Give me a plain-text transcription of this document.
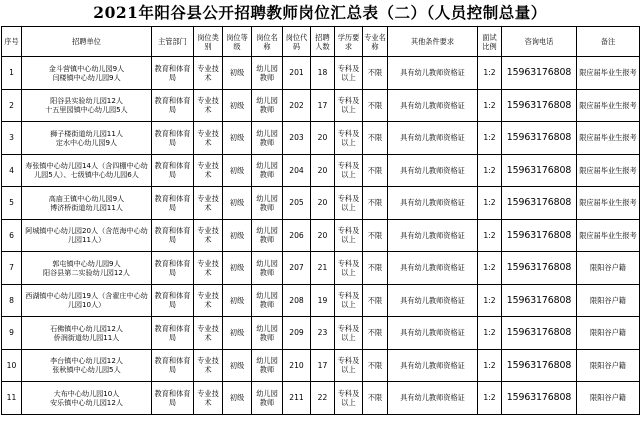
2021年阳谷县公开招聘教师岗位汇总表（二）（人员控制总量）
序号	招聘单位	主管部门	岗位类别	岗位等级	岗位名称	岗位代码	招聘人数	学历要求	专业名称	其他条件要求	面试比例	咨询电话	备注
1	金斗营镇中心幼儿园9人
闫楼镇中心幼儿园9人	教育和体育局	专业技术	初级	幼儿园教师	201	18	专科及以上	不限	具有幼儿教师资格证	1:2	15963176808	限应届毕业生报考
2	阳谷县实验幼儿园12人
十五里园镇中心幼儿园5人	教育和体育局	专业技术	初级	幼儿园教师	202	17	专科及以上	不限	具有幼儿教师资格证	1:2	15963176808	限应届毕业生报考
3	狮子楼街道幼儿园11人
定水中心幼儿园9人	教育和体育局	专业技术	初级	幼儿园教师	203	20	专科及以上	不限	具有幼儿教师资格证	1:2	15963176808	限应届毕业生报考
4	寿张镇中心幼儿园14人（含四棚中心幼儿园5人）、七级镇中心幼儿园6人	教育和体育局	专业技术	初级	幼儿园教师	204	20	专科及以上	不限	具有幼儿教师资格证	1:2	15963176808	限应届毕业生报考
5	高庙王镇中心幼儿园9人
博济桥街道幼儿园11人	教育和体育局	专业技术	初级	幼儿园教师	205	20	专科及以上	不限	具有幼儿教师资格证	1:2	15963176808	限应届毕业生报考
6	阿城镇中心幼儿园20人（含范海中心幼儿园11人）	教育和体育局	专业技术	初级	幼儿园教师	206	20	专科及以上	不限	具有幼儿教师资格证	1:2	15963176808	限应届毕业生报考
7	郭屯镇中心幼儿园9人
阳谷县第二实验幼儿园12人	教育和体育局	专业技术	初级	幼儿园教师	207	21	专科及以上	不限	具有幼儿教师资格证	1:2	15963176808	限阳谷户籍
8	西湖镇中心幼儿园19人（含翟庄中心幼儿园10人）	教育和体育局	专业技术	初级	幼儿园教师	208	19	专科及以上	不限	具有幼儿教师资格证	1:2	15963176808	限阳谷户籍
9	石佛镇中心幼儿园12人
侨润街道幼儿园11人	教育和体育局	专业技术	初级	幼儿园教师	209	23	专科及以上	不限	具有幼儿教师资格证	1:2	15963176808	限阳谷户籍
10	李台镇中心幼儿园12人
张秋镇中心幼儿园5人	教育和体育局	专业技术	初级	幼儿园教师	210	17	专科及以上	不限	具有幼儿教师资格证	1:2	15963176808	限阳谷户籍
11	大布中心幼儿园10人
安乐镇中心幼儿园12人	教育和体育局	专业技术	初级	幼儿园教师	211	22	专科及以上	不限	具有幼儿教师资格证	1:2	15963176808	限阳谷户籍
